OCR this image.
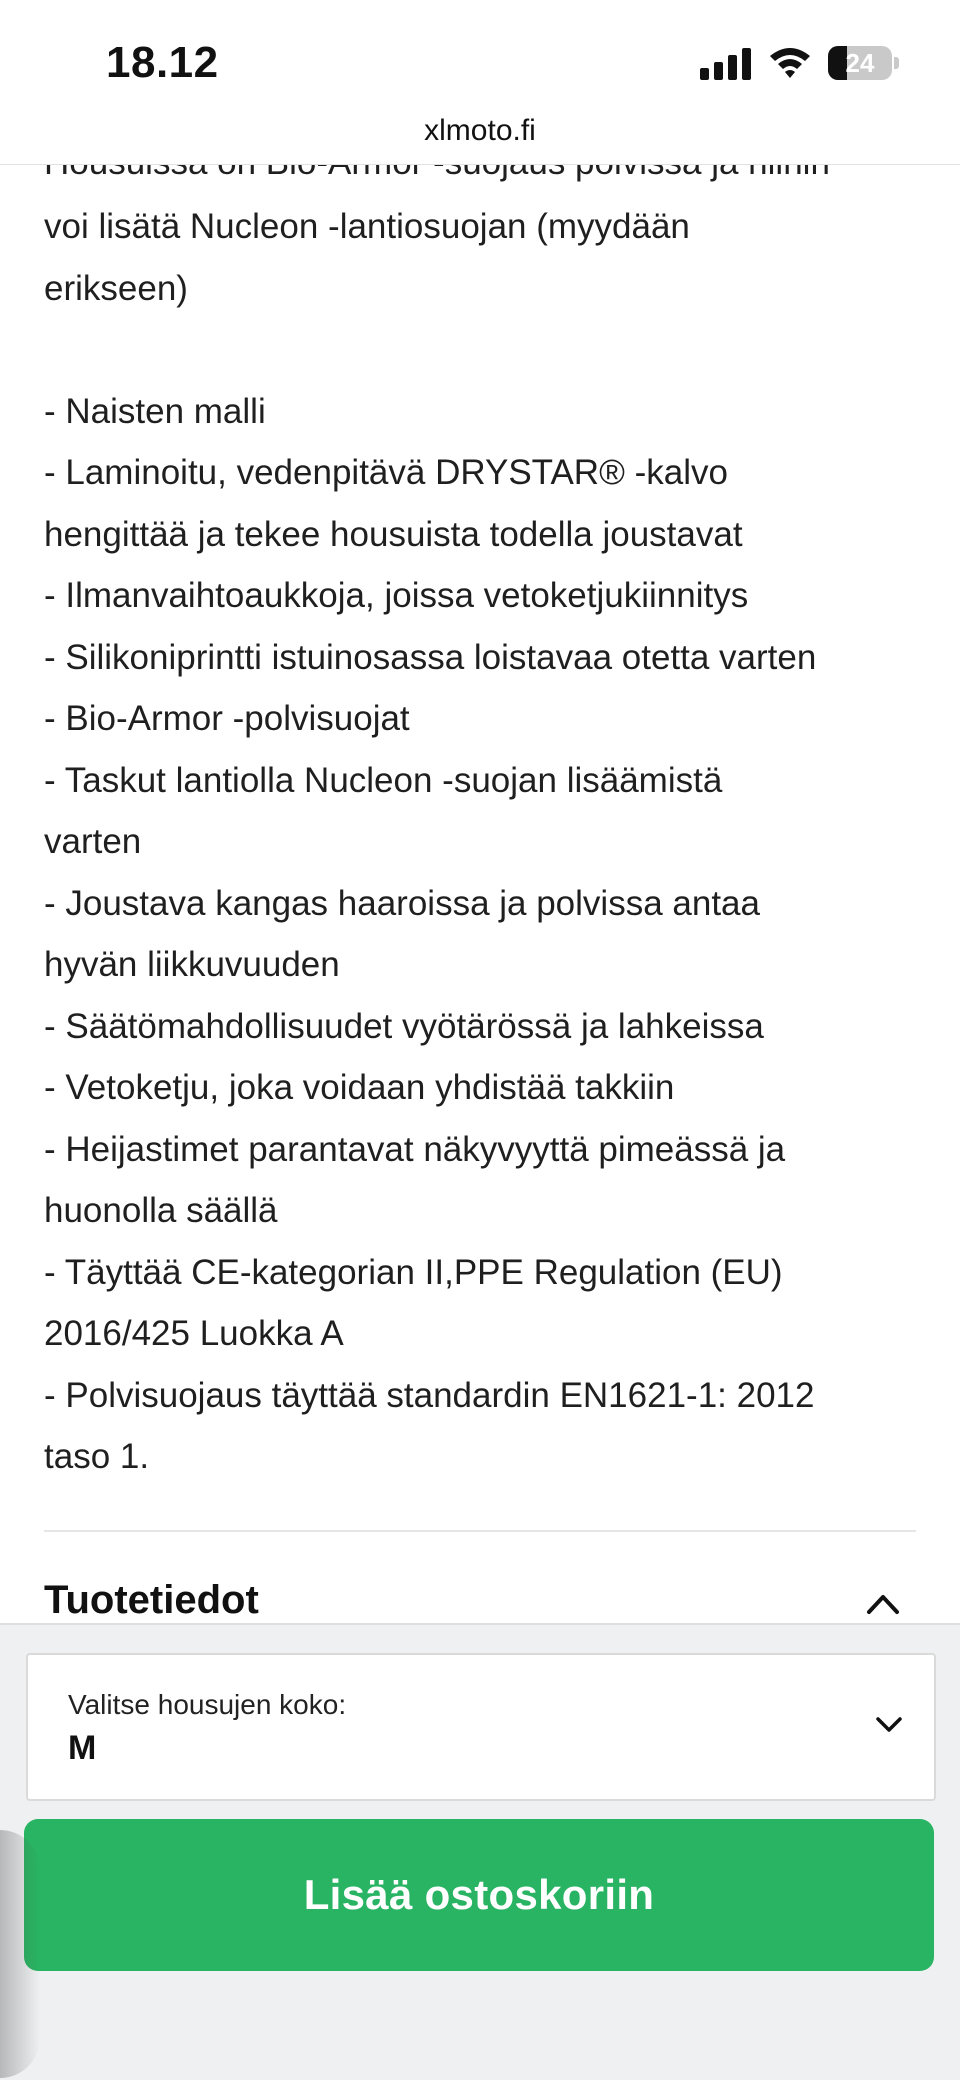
18.12	24
xlmoto.fi

voi lisätä Nucleon -lantiosuojan (myydään

erikseen)

- Naisten malli

- Laminoitu, vedenpitävä DRYSTAR® -kalvo

hengittää ja tekee housuista todella joustavat

- Ilmanvaihtoaukkoja, joissa vetoketjukiinnitys

- Silikoniprintti istuinosassa loistavaa otetta varten

- Bio-Armor -polvisuojat

- Taskut lantiolla Nucleon -suojan lisäämistä

varten

- Joustava kangas haaroissa ja polvissa antaa

hyvän liikkuvuuden

- Säätömahdollisuudet vyötärössä ja lahkeissa

- Vetoketju, joka voidaan yhdistää takkiin

- Heijastimet parantavat näkyvyyttä pimeässä ja

huonolla säällä

- Täyttää CE-kategorian II,PPE Regulation (EU)

2016/425 Luokka A

- Polvisuojaus täyttää standardin EN1621-1: 2012

taso 1.

Tuotetiedot
Valitse housujen koko:
M
Lisää ostoskoriin
